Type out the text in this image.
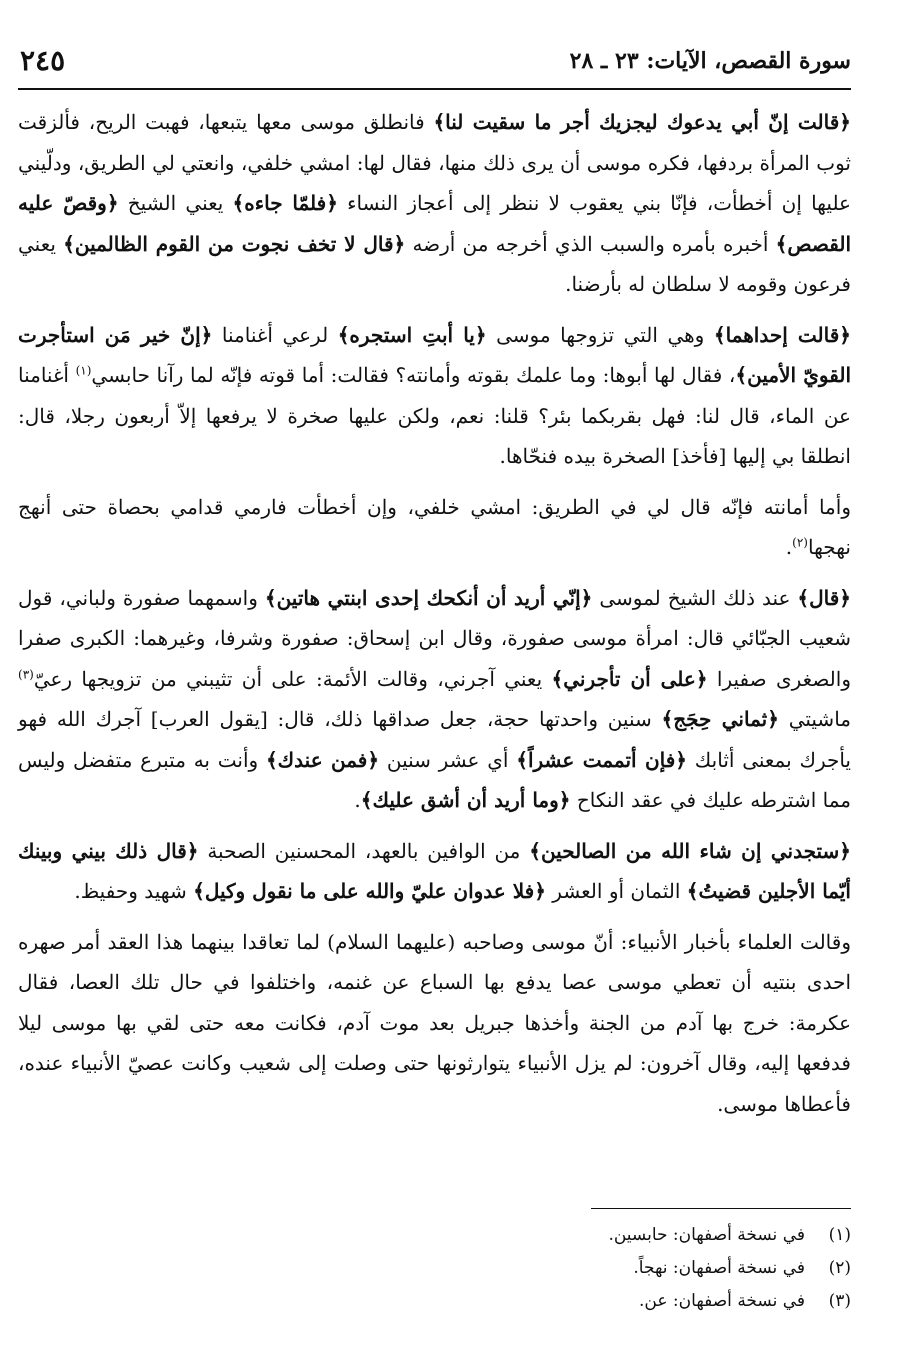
سورة القصص، الآيات: ٢٣ ـ ٢٨
٢٤٥

﴿قالت إنّ أبي يدعوك ليجزيك أجر ما سقيت لنا﴾ فانطلق موسى معها يتبعها، فهبت الريح، فألزقت ثوب المرأة بردفها، فكره موسى أن يرى ذلك منها، فقال لها: امشي خلفي، وانعتي لي الطريق، ودلّيني عليها إن أخطأت، فإنّا بني يعقوب لا ننظر إلى أعجاز النساء ﴿فلمّا جاءه﴾ يعني الشيخ ﴿وقصّ عليه القصص﴾ أخبره بأمره والسبب الذي أخرجه من أرضه ﴿قال لا تخف نجوت من القوم الظالمين﴾ يعني فرعون وقومه لا سلطان له بأرضنا.

﴿قالت إحداهما﴾ وهي التي تزوجها موسى ﴿يا أبتِ استجره﴾ لرعي أغنامنا ﴿إنّ خير مَن استأجرت القويّ الأمين﴾، فقال لها أبوها: وما علمك بقوته وأمانته؟ فقالت: أما قوته فإنّه لما رآنا حابسي$^{(١)}$ أغنامنا عن الماء، قال لنا: فهل بقربكما بئر؟ قلنا: نعم، ولكن عليها صخرة لا يرفعها إلاّ أربعون رجلا، قال: انطلقا بي إليها [فأخذ] الصخرة بيده فنحّاها.

وأما أمانته فإنّه قال لي في الطريق: امشي خلفي، وإن أخطأت فارمي قدامي بحصاة حتى أنهج نهجها$^{(٢)}$.

﴿قال﴾ عند ذلك الشيخ لموسى ﴿إنّي أريد أن أنكحك إحدى ابنتي هاتين﴾ واسمهما صفورة ولباني، قول شعيب الجبّائي قال: امرأة موسى صفورة، وقال ابن إسحاق: صفورة وشرفا، وغيرهما: الكبرى صفرا والصغرى صفيرا ﴿على أن تأجرني﴾ يعني آجرني، وقالت الأئمة: على أن تثيبني من تزويجها رعيّ$^{(٣)}$ ماشيتي ﴿ثماني حِجَج﴾ سنين واحدتها حجة، جعل صداقها ذلك، قال: [يقول العرب] آجرك الله فهو يأجرك بمعنى أثابك ﴿فإن أتممت عشراً﴾ أي عشر سنين ﴿فمن عندك﴾ وأنت به متبرع متفضل وليس مما اشترطه عليك في عقد النكاح ﴿وما أريد أن أشق عليك﴾.

﴿ستجدني إن شاء الله من الصالحين﴾ من الوافين بالعهد، المحسنين الصحبة ﴿قال ذلك بيني وبينك أيّما الأجلين قضيتُ﴾ الثمان أو العشر ﴿فلا عدوان عليّ والله على ما نقول وكيل﴾ شهيد وحفيظ.

وقالت العلماء بأخبار الأنبياء: أنّ موسى وصاحبه (عليهما السلام) لما تعاقدا بينهما هذا العقد أمر صهره احدى بنتيه أن تعطي موسى عصا يدفع بها السباع عن غنمه، واختلفوا في حال تلك العصا، فقال عكرمة: خرج بها آدم من الجنة وأخذها جبريل بعد موت آدم، فكانت معه حتى لقي بها موسى ليلا فدفعها إليه، وقال آخرون: لم يزل الأنبياء يتوارثونها حتى وصلت إلى شعيب وكانت عصيّ الأنبياء عنده، فأعطاها موسى.

(١)في نسخة أصفهان: حابسين.
(٢)في نسخة أصفهان: نهجاً.
(٣)في نسخة أصفهان: عن.
